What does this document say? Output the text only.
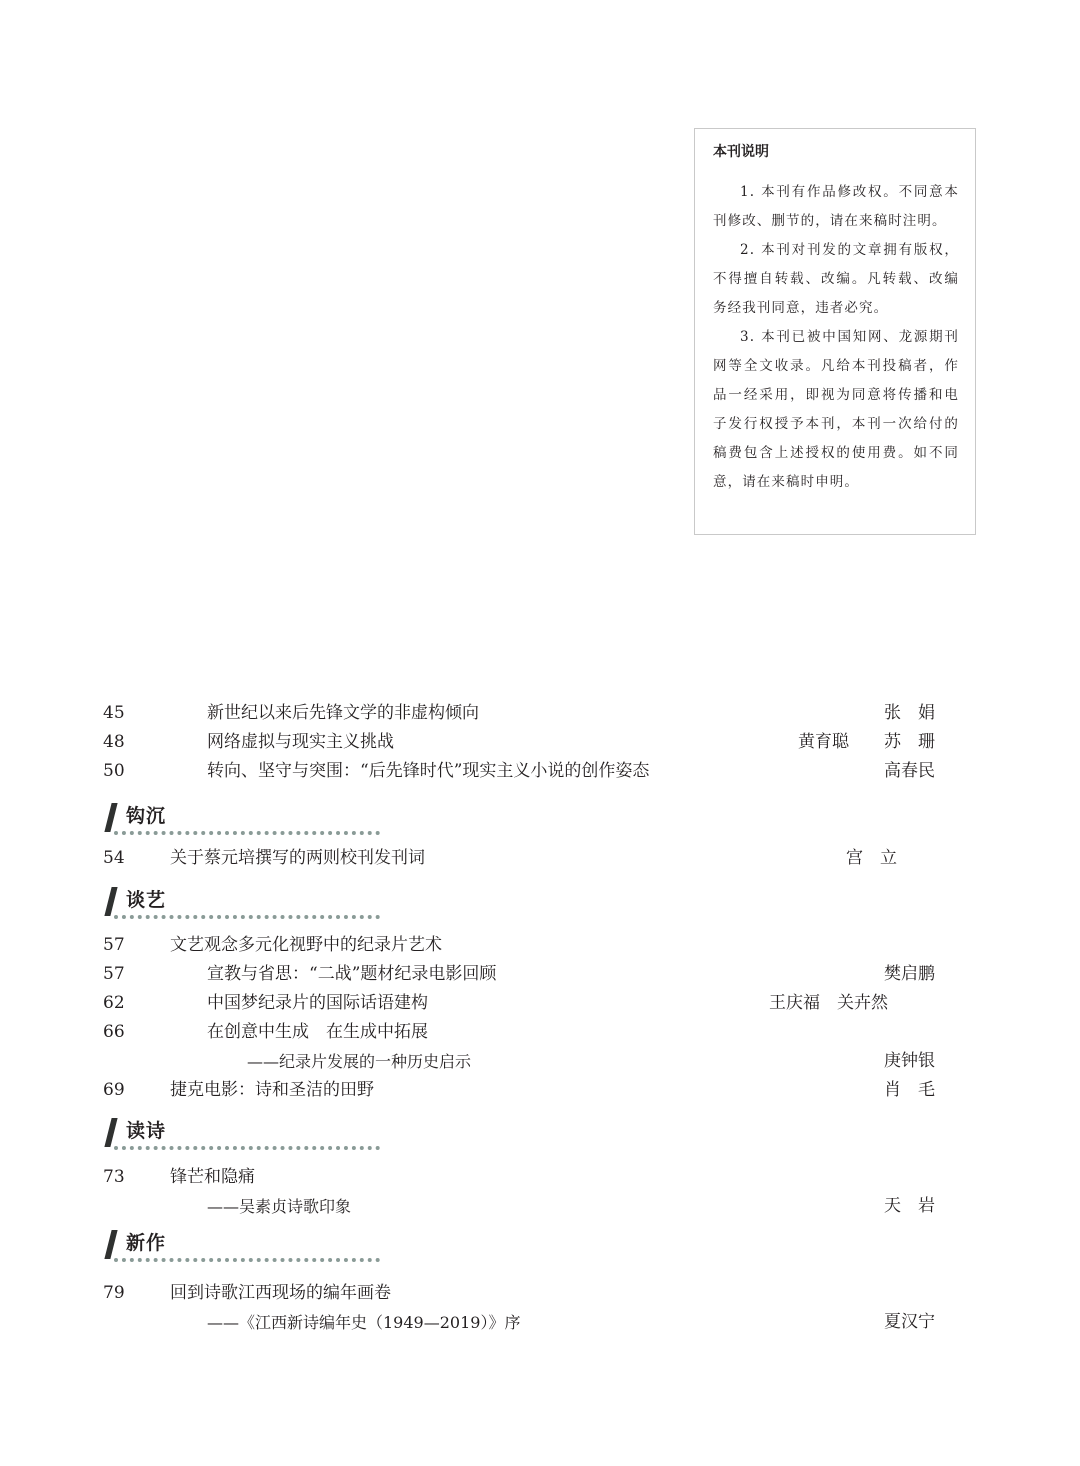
本刊说明

1. 本刊有作品修改权。不同意本刊修改、删节的，请在来稿时注明。

2. 本刊对刊发的文章拥有版权，不得擅自转载、改编。凡转载、改编务经我刊同意，违者必究。

3. 本刊已被中国知网、龙源期刊网等全文收录。凡给本刊投稿者，作品一经采用，即视为同意将传播和电子发行权授予本刊，本刊一次给付的稿费包含上述授权的使用费。如不同意，请在来稿时申明。

45	新世纪以来后先锋文学的非虚构倾向	张　娟
48	网络虚拟与现实主义挑战	黄育聪 苏　珊
50	转向、坚守与突围：“后先锋时代”现实主义小说的创作姿态	高春民
钩沉
54	关于蔡元培撰写的两则校刊发刊词	宫　立
谈艺
57	文艺观念多元化视野中的纪录片艺术
57	宣教与省思：“二战”题材纪录电影回顾	樊启鹏
62	中国梦纪录片的国际话语建构	王庆福　关卉然
66	在创意中生成　在生成中拓展
——纪录片发展的一种历史启示	庚钟银
69	捷克电影：诗和圣洁的田野	肖　毛
读诗
73	锋芒和隐痛
——吴素贞诗歌印象	天　岩
新作
79	回到诗歌江西现场的编年画卷
——《江西新诗编年史（1949—2019）》序	夏汉宁
